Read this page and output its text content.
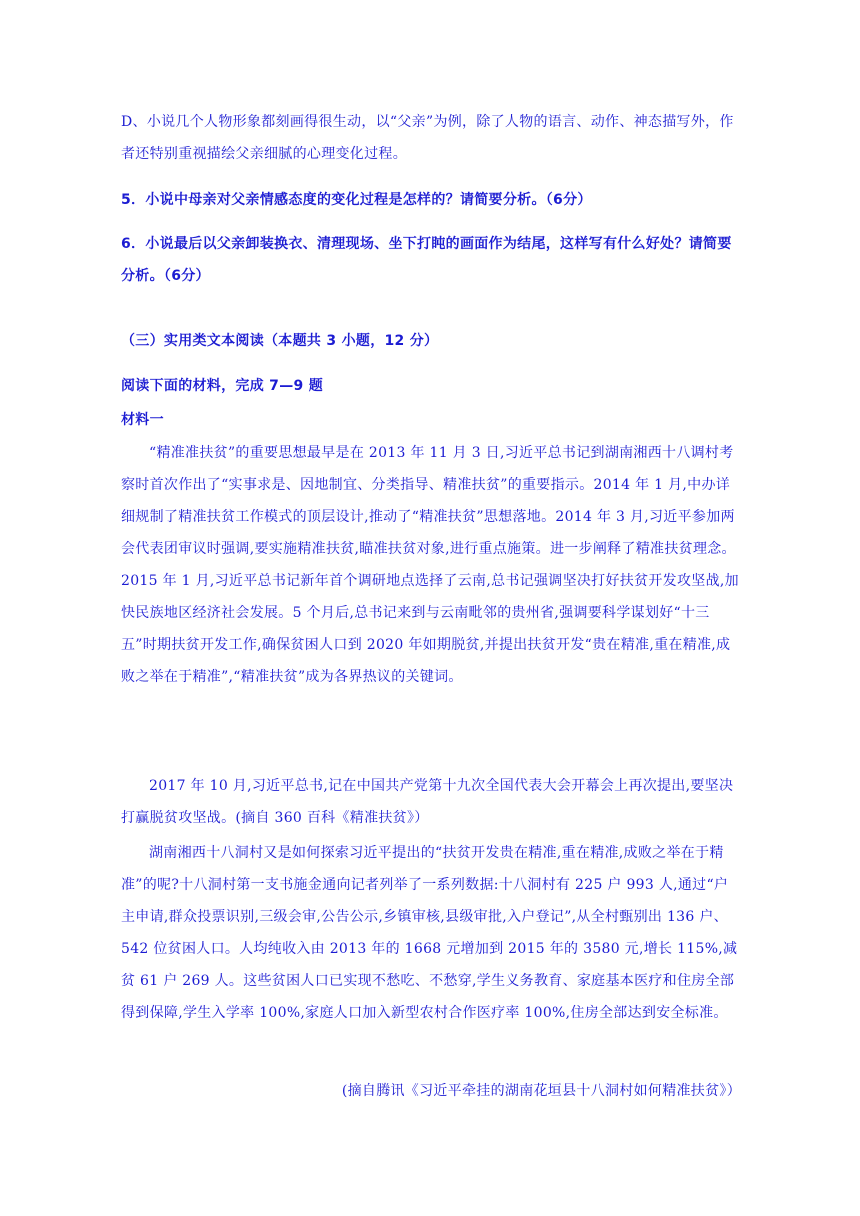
D、小说几个人物形象都刻画得很生动，以“父亲”为例，除了人物的语言、动作、神态描写外，作者还特别重视描绘父亲细腻的心理变化过程。

5．小说中母亲对父亲情感态度的变化过程是怎样的？请简要分析。（6分）

6．小说最后以父亲卸装换衣、清理现场、坐下打盹的画面作为结尾，这样写有什么好处？请简要分析。（6分）

（三）实用类文本阅读（本题共 3 小题，12 分）

阅读下面的材料，完成 7—9 题

材料一

“精准准扶贫”的重要思想最早是在 2013 年 11 月 3 日,习近平总书记到湖南湘西十八调村考察时首次作出了“实事求是、因地制宜、分类指导、精准扶贫”的重要指示。2014 年 1 月,中办详细规制了精准扶贫工作模式的顶层设计,推动了“精准扶贫”思想落地。2014 年 3 月,习近平参加两会代表团审议时强调,要实施精准扶贫,瞄准扶贫对象,进行重点施策。进一步阐释了精准扶贫理念。2015 年 1 月,习近平总书记新年首个调研地点选择了云南,总书记强调坚决打好扶贫开发攻坚战,加快民族地区经济社会发展。5 个月后,总书记来到与云南毗邻的贵州省,强调要科学谋划好“十三五”时期扶贫开发工作,确保贫困人口到 2020 年如期脱贫,并提出扶贫开发“贵在精准,重在精准,成败之举在于精准”,“精准扶贫”成为各界热议的关键词。

2017 年 10 月,习近平总书,记在中国共产党第十九次全国代表大会开幕会上再次提出,要坚决打赢脱贫攻坚战。(摘自 360 百科《精准扶贫》）

湖南湘西十八洞村又是如何探索习近平提出的“扶贫开发贵在精准,重在精准,成败之举在于精准”的呢?十八洞村第一支书施金通向记者列举了一系列数据:十八洞村有 225 户 993 人,通过“户主申请,群众投票识别,三级会审,公告公示,乡镇审核,县级审批,入户登记”,从全村甄别出 136 户、542 位贫困人口。人均纯收入由 2013 年的 1668 元增加到 2015 年的 3580 元,增长 115%,减贫 61 户 269 人。这些贫困人口已实现不愁吃、不愁穿,学生义务教育、家庭基本医疗和住房全部得到保障,学生入学率 100%,家庭人口加入新型农村合作医疗率 100%,住房全部达到安全标准。

(摘自腾讯《习近平牵挂的湖南花垣县十八洞村如何精准扶贫》）
